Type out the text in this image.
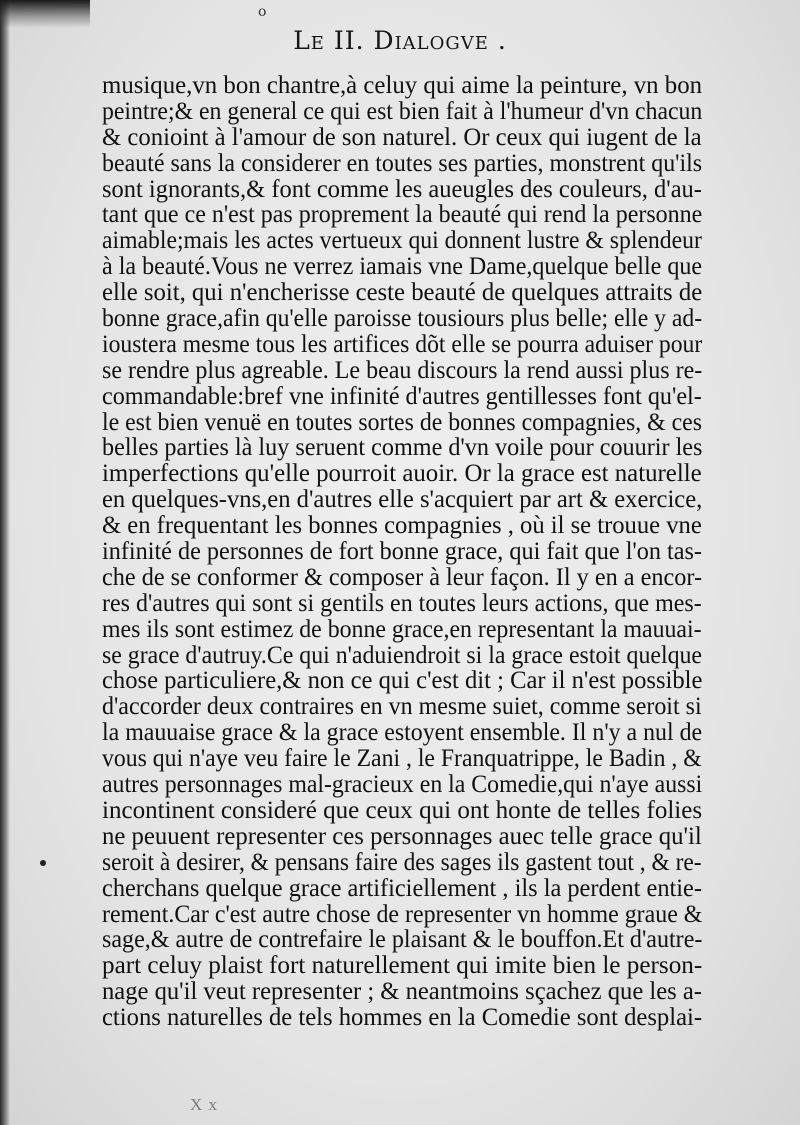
o
Le II. Dialogve .
musique,vn bon chantre,à celuy qui aime la peinture, vn bon
peintre;& en general ce qui est bien fait à l'humeur d'vn chacun
& conioint à l'amour de son naturel. Or ceux qui iugent de la
beauté sans la considerer en toutes ses parties, monstrent qu'ils
sont ignorants,& font comme les aueugles des couleurs, d'au-
tant que ce n'est pas proprement la beauté qui rend la personne
aimable;mais les actes vertueux qui donnent lustre & splendeur
à la beauté.Vous ne verrez iamais vne Dame,quelque belle que
elle soit, qui n'encherisse ceste beauté de quelques attraits de
bonne grace,afin qu'elle paroisse tousiours plus belle; elle y ad-
ioustera mesme tous les artifices dõt elle se pourra aduiser pour
se rendre plus agreable. Le beau discours la rend aussi plus re-
commandable:bref vne infinité d'autres gentillesses font qu'el-
le est bien venuë en toutes sortes de bonnes compagnies, & ces
belles parties là luy seruent comme d'vn voile pour couurir les
imperfections qu'elle pourroit auoir. Or la grace est naturelle
en quelques-vns,en d'autres elle s'acquiert par art & exercice,
& en frequentant les bonnes compagnies , où il se trouue vne
infinité de personnes de fort bonne grace, qui fait que l'on tas-
che de se conformer & composer à leur façon. Il y en a encor-
res d'autres qui sont si gentils en toutes leurs actions, que mes-
mes ils sont estimez de bonne grace,en representant la mauuai-
se grace d'autruy.Ce qui n'aduiendroit si la grace estoit quelque
chose particuliere,& non ce qui c'est dit ; Car il n'est possible
d'accorder deux contraires en vn mesme suiet, comme seroit si
la mauuaise grace & la grace estoyent ensemble. Il n'y a nul de
vous qui n'aye veu faire le Zani , le Franquatrippe, le Badin , &
autres personnages mal-gracieux en la Comedie,qui n'aye aussi
incontinent consideré que ceux qui ont honte de telles folies
ne peuuent representer ces personnages auec telle grace qu'il
seroit à desirer, & pensans faire des sages ils gastent tout , & re-
cherchans quelque grace artificiellement , ils la perdent entie-
rement.Car c'est autre chose de representer vn homme graue &
sage,& autre de contrefaire le plaisant & le bouffon.Et d'autre-
part celuy plaist fort naturellement qui imite bien le person-
nage qu'il veut representer ; & neantmoins sçachez que les a-
ctions naturelles de tels hommes en la Comedie sont desplai-
X x
